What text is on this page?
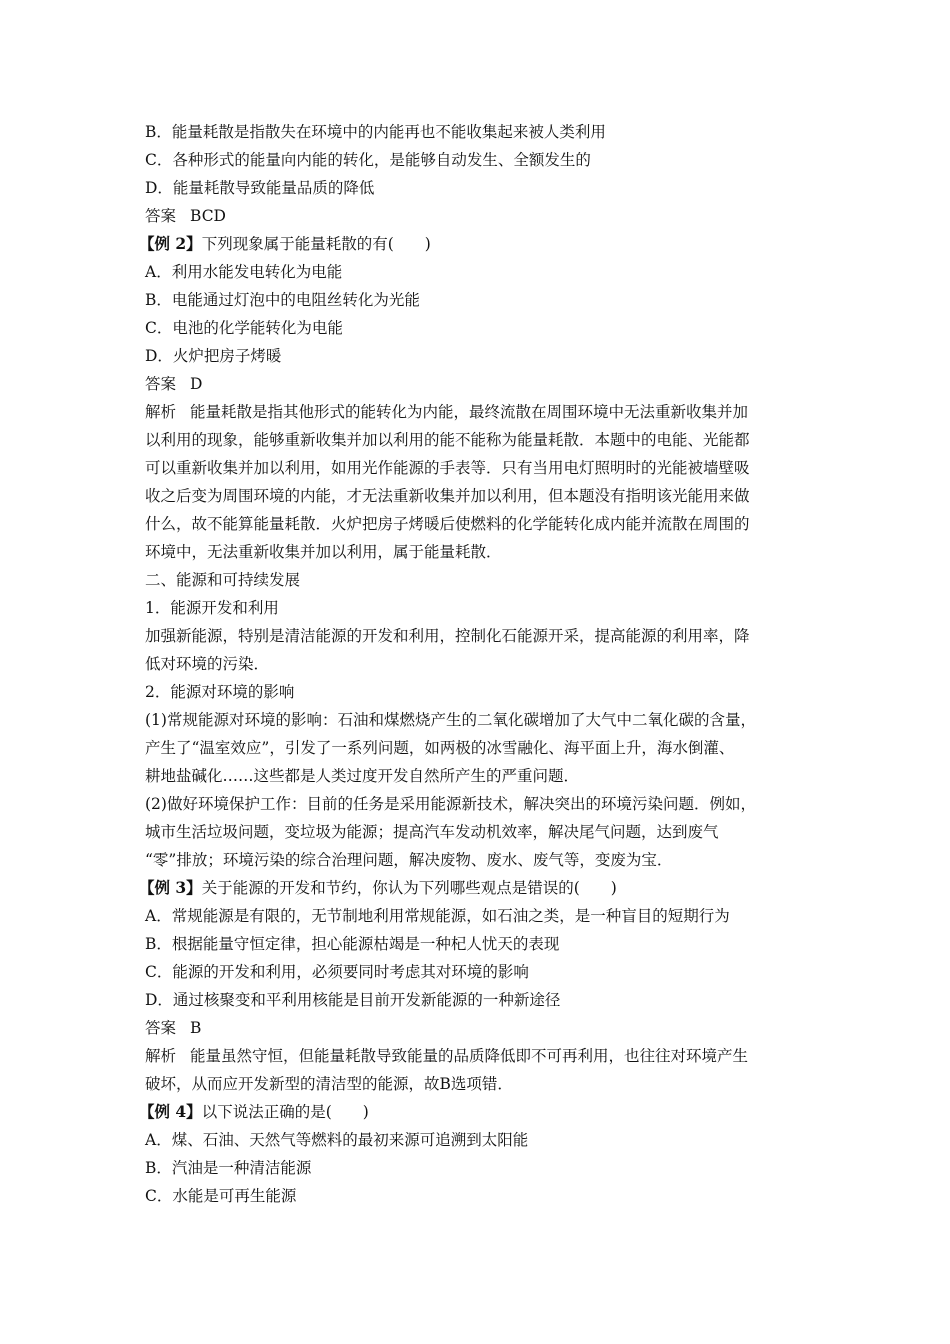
B．能量耗散是指散失在环境中的内能再也不能收集起来被人类利用
C．各种形式的能量向内能的转化，是能够自动发生、全额发生的
D．能量耗散导致能量品质的降低
答案 BCD
【例 2】下列现象属于能量耗散的有(　　)
A．利用水能发电转化为电能
B．电能通过灯泡中的电阻丝转化为光能
C．电池的化学能转化为电能
D．火炉把房子烤暖
答案 D
解析 能量耗散是指其他形式的能转化为内能，最终流散在周围环境中无法重新收集并加
以利用的现象，能够重新收集并加以利用的能不能称为能量耗散．本题中的电能、光能都
可以重新收集并加以利用，如用光作能源的手表等．只有当用电灯照明时的光能被墙壁吸
收之后变为周围环境的内能，才无法重新收集并加以利用，但本题没有指明该光能用来做
什么，故不能算能量耗散．火炉把房子烤暖后使燃料的化学能转化成内能并流散在周围的
环境中，无法重新收集并加以利用，属于能量耗散．
二、能源和可持续发展
1．能源开发和利用
加强新能源，特别是清洁能源的开发和利用，控制化石能源开采，提高能源的利用率，降
低对环境的污染．
2．能源对环境的影响
(1)常规能源对环境的影响：石油和煤燃烧产生的二氧化碳增加了大气中二氧化碳的含量，
产生了“温室效应”，引发了一系列问题，如两极的冰雪融化、海平面上升，海水倒灌、
耕地盐碱化……这些都是人类过度开发自然所产生的严重问题．
(2)做好环境保护工作：目前的任务是采用能源新技术，解决突出的环境污染问题．例如，
城市生活垃圾问题，变垃圾为能源；提高汽车发动机效率，解决尾气问题，达到废气
“零”排放；环境污染的综合治理问题，解决废物、废水、废气等，变废为宝．
【例 3】关于能源的开发和节约，你认为下列哪些观点是错误的(　　)
A．常规能源是有限的，无节制地利用常规能源，如石油之类，是一种盲目的短期行为
B．根据能量守恒定律，担心能源枯竭是一种杞人忧天的表现
C．能源的开发和利用，必须要同时考虑其对环境的影响
D．通过核聚变和平利用核能是目前开发新能源的一种新途径
答案 B
解析 能量虽然守恒，但能量耗散导致能量的品质降低即不可再利用，也往往对环境产生
破坏，从而应开发新型的清洁型的能源，故B选项错．
【例 4】以下说法正确的是(　　)
A．煤、石油、天然气等燃料的最初来源可追溯到太阳能
B．汽油是一种清洁能源
C．水能是可再生能源
